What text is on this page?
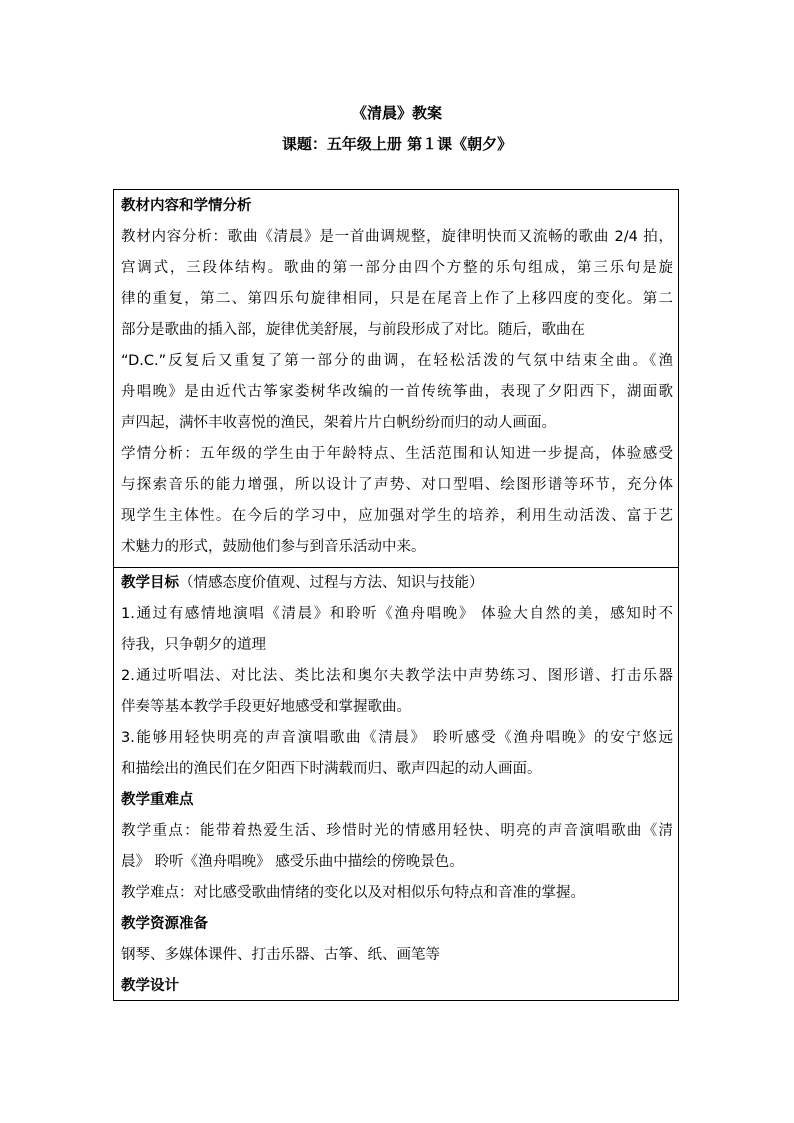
《清晨》教案
课题：五年级上册 第１课《朝夕》
教材内容和学情分析
教材内容分析：歌曲《清晨》是一首曲调规整，旋律明快而又流畅的歌曲 2/4 拍，
宫调式，三段体结构。歌曲的第一部分由四个方整的乐句组成，第三乐句是旋
律的重复，第二、第四乐句旋律相同，只是在尾音上作了上移四度的变化。第二
部分是歌曲的插入部，旋律优美舒展，与前段形成了对比。随后，歌曲在
“D.C.”反复后又重复了第一部分的曲调，在轻松活泼的气氛中结束全曲。《渔
舟唱晚》是由近代古筝家娄树华改编的一首传统筝曲，表现了夕阳西下，湖面歌
声四起，满怀丰收喜悦的渔民，架着片片白帆纷纷而归的动人画面。
学情分析：五年级的学生由于年龄特点、生活范围和认知进一步提高，体验感受
与探索音乐的能力增强，所以设计了声势、对口型唱、绘图形谱等环节，充分体
现学生主体性。在今后的学习中，应加强对学生的培养，利用生动活泼、富于艺
术魅力的形式，鼓励他们参与到音乐活动中来。
教学目标（情感态度价值观、过程与方法、知识与技能）
1.通过有感情地演唱《清晨》和聆听《渔舟唱晚》 体验大自然的美，感知时不
待我，只争朝夕的道理
2.通过听唱法、对比法、类比法和奥尔夫教学法中声势练习、图形谱、打击乐器
伴奏等基本教学手段更好地感受和掌握歌曲。
3.能够用轻快明亮的声音演唱歌曲《清晨》 聆听感受《渔舟唱晚》的安宁悠远
和描绘出的渔民们在夕阳西下时满载而归、歌声四起的动人画面。
教学重难点
教学重点：能带着热爱生活、珍惜时光的情感用轻快、明亮的声音演唱歌曲《清
晨》 聆听《渔舟唱晚》 感受乐曲中描绘的傍晚景色。
教学难点：对比感受歌曲情绪的变化以及对相似乐句特点和音准的掌握。
教学资源准备
钢琴、多媒体课件、打击乐器、古筝、纸、画笔等
教学设计
